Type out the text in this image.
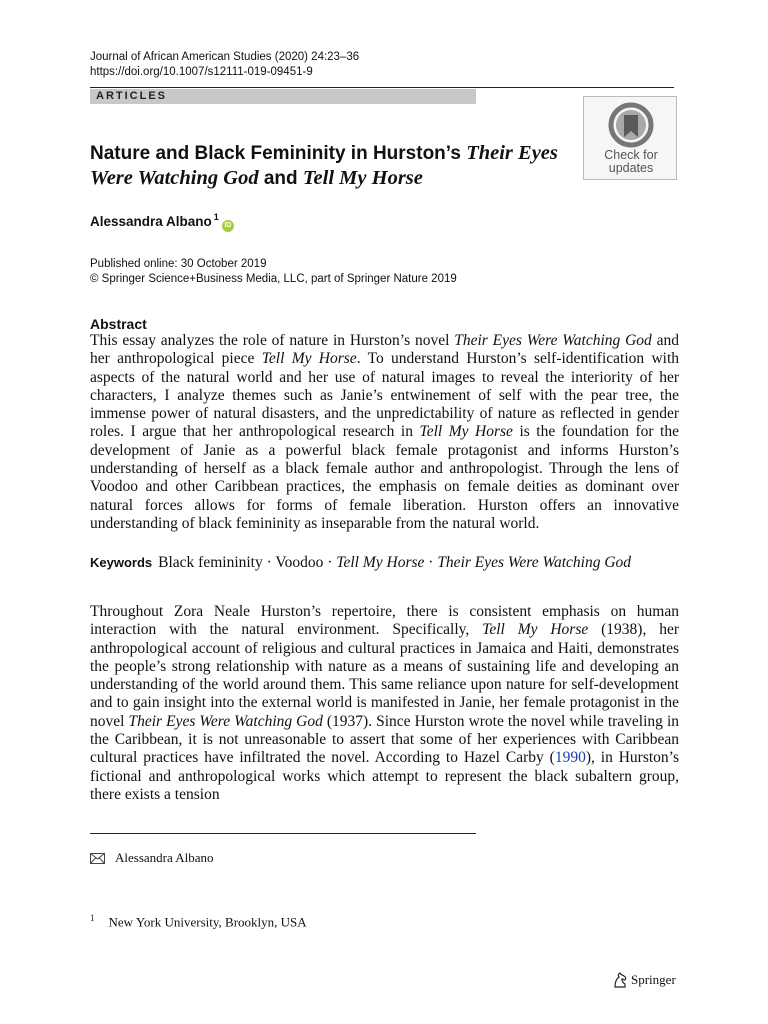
Journal of African American Studies (2020) 24:23–36
https://doi.org/10.1007/s12111-019-09451-9
ARTICLES
Nature and Black Femininity in Hurston’s Their Eyes Were Watching God and Tell My Horse
Check for
updates
Alessandra Albano $^1$iD
Published online: 30 October 2019
© Springer Science+Business Media, LLC, part of Springer Nature 2019
Abstract
This essay analyzes the role of nature in Hurston’s novel Their Eyes Were Watching God and her anthropological piece Tell My Horse. To understand Hurston’s self-identification with aspects of the natural world and her use of natural images to reveal the interiority of her characters, I analyze themes such as Janie’s entwinement of self with the pear tree, the immense power of natural disasters, and the unpredictability of nature as reflected in gender roles. I argue that her anthropological research in Tell My Horse is the foundation for the development of Janie as a powerful black female protagonist and informs Hurston’s understanding of herself as a black female author and anthropologist. Through the lens of Voodoo and other Caribbean practices, the emphasis on female deities as dominant over natural forces allows for forms of female liberation. Hurston offers an innovative understanding of black femininity as inseparable from the natural world.
Keywords Black femininity · Voodoo · Tell My Horse · Their Eyes Were Watching God
Throughout Zora Neale Hurston’s repertoire, there is consistent emphasis on human interaction with the natural environment. Specifically, Tell My Horse (1938), her anthropological account of religious and cultural practices in Jamaica and Haiti, demonstrates the people’s strong relationship with nature as a means of sustaining life and developing an understanding of the world around them. This same reliance upon nature for self-development and to gain insight into the external world is manifested in Janie, her female protagonist in the novel Their Eyes Were Watching God (1937). Since Hurston wrote the novel while traveling in the Caribbean, it is not unreasonable to assert that some of her experiences with Caribbean cultural practices have infiltrated the novel. According to Hazel Carby (1990), in Hurston’s fictional and anthropological works which attempt to represent the black subaltern group, there exists a tension
Alessandra Albano
$^1$ New York University, Brooklyn, USA
Springer
